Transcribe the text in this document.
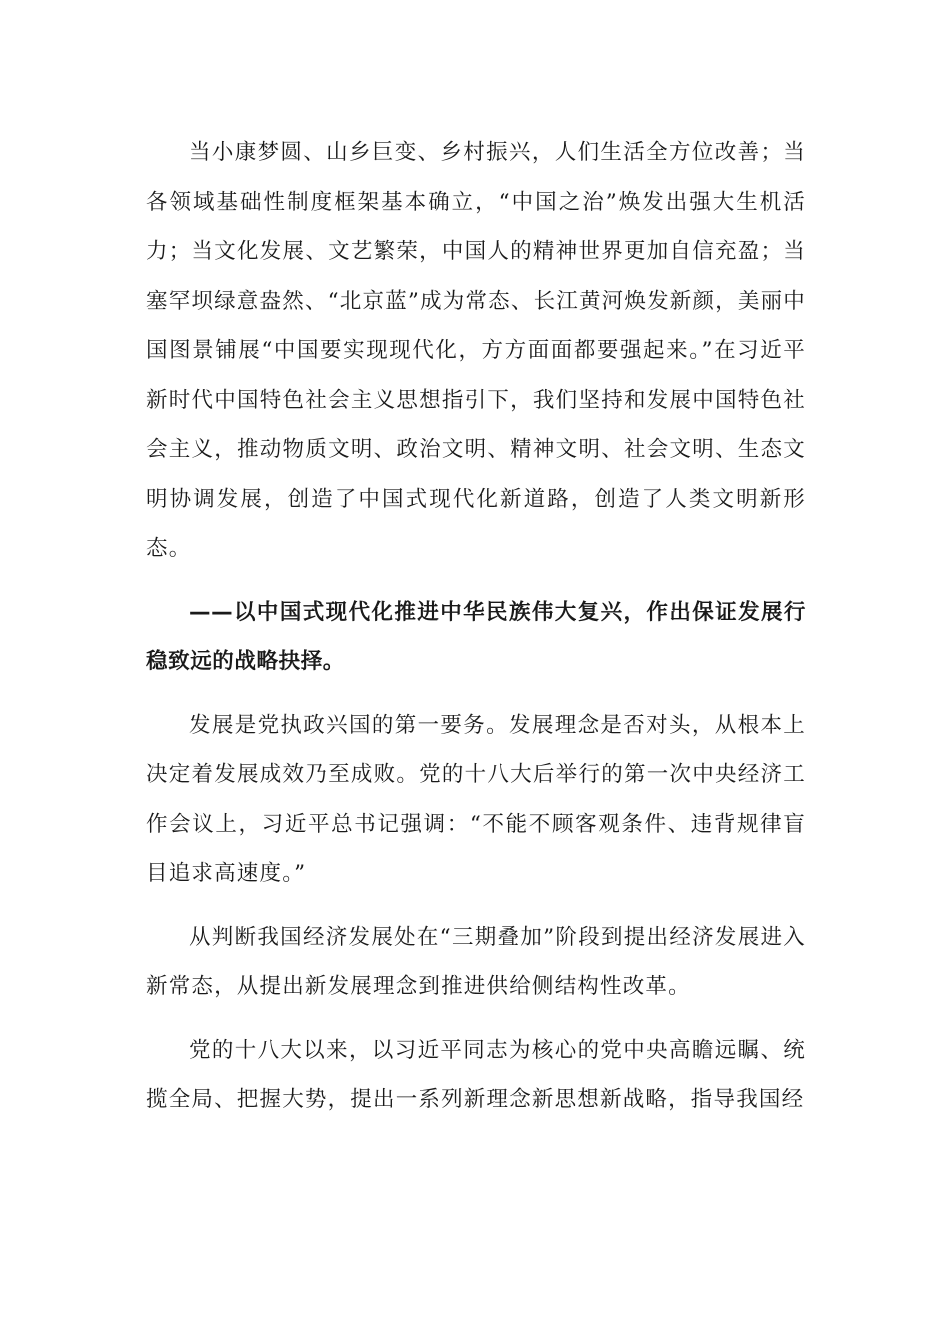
当小康梦圆、山乡巨变、乡村振兴，人们生活全方位改善；当各领域基础性制度框架基本确立，“中国之治”焕发出强大生机活力；当文化发展、文艺繁荣，中国人的精神世界更加自信充盈；当塞罕坝绿意盎然、“北京蓝”成为常态、长江黄河焕发新颜，美丽中国图景铺展“中国要实现现代化，方方面面都要强起来。”在习近平新时代中国特色社会主义思想指引下，我们坚持和发展中国特色社会主义，推动物质文明、政治文明、精神文明、社会文明、生态文明协调发展，创造了中国式现代化新道路，创造了人类文明新形态。

——以中国式现代化推进中华民族伟大复兴，作出保证发展行稳致远的战略抉择。

发展是党执政兴国的第一要务。发展理念是否对头，从根本上决定着发展成效乃至成败。党的十八大后举行的第一次中央经济工作会议上，习近平总书记强调：“不能不顾客观条件、违背规律盲目追求高速度。”

从判断我国经济发展处在“三期叠加”阶段到提出经济发展进入新常态，从提出新发展理念到推进供给侧结构性改革。

党的十八大以来，以习近平同志为核心的党中央高瞻远瞩、统揽全局、把握大势，提出一系列新理念新思想新战略，指导我国经
